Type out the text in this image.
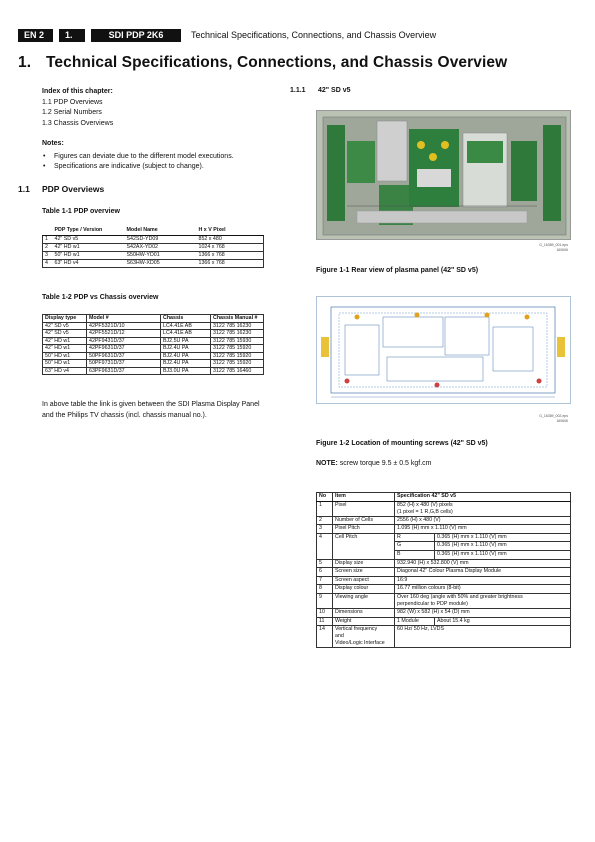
EN 2	1.	SDI PDP 2K6	Technical Specifications, Connections, and Chassis Overview
1. Technical Specifications, Connections, and Chassis Overview
Index of this chapter:
1.1 PDP Overviews
1.2 Serial Numbers
1.3 Chassis Overviews
Notes:
• Figures can deviate due to the different model executions.
• Specifications are indicative (subject to change).
1.1 PDP Overviews
Table 1-1 PDP overview
	PDP Type / Version	Model Name	H x V Pixel
1	42" SD v5	S42SD-YD09	852 x 480
2	42" HD w1	S42AX-YD02	1024 x 768
3	50" HD w1	S50HW-YD01	1366 x 768
4	63" HD v4	S63HW-XD05	1366 x 768
Table 1-2 PDP vs Chassis overview
Display type	Model #	Chassis	Chassis Manual #
42" SD v5	42PF5321D/10	LC4.41E AB	3122 785 16230
42" SD v5	42PF5521D/12	LC4.41E AB	3122 785 16230
42" HD w1	42PF9431D/37	BJ2.5U PA	3122 785 15930
42" HD w1	42PF9631D/37	BJ2.4U PA	3122 785 15920
50" HD w1	50PF9631D/37	BJ2.4U PA	3122 785 15920
50" HD w1	50PF9731D/37	BJ2.4U PA	3122 785 15920
63" HD v4	63PF9631D/37	BJ3.0U PA	3122 785 16460
In above table the link is given between the SDI Plasma Display Panel and the Philips TV chassis (incl. chassis manual no.).
1.1.1 42" SD v5
G_16389_001.eps
160606
Figure 1-1 Rear view of plasma panel (42" SD v5)
G_16389_002.eps
160606
Figure 1-2 Location of mounting screws (42" SD v5)
NOTE: screw torque 9.5 ± 0.5 kgf.cm
No	Item	Specification 42" SD v5	
1	Pixel	852 (H) x 480 (V) pixels
(1 pixel = 1 R,G,B cells)	

2	Number of Cells	2556 (H) x 480 (V)	
3	Pixel Pitch	1.095 (H) mm x 1.110 (V) mm	
4	Cell Pitch	R	0.365 (H) mm x 1.110 (V) mm
		G	0.365 (H) mm x 1.110 (V) mm
		B	0.365 (H) mm x 1.110 (V) mm
5	Display size	932.940 (H) x 532.800 (V) mm	
6	Screen size	Diagonal 42" Colour Plasma Display Module	
7	Screen aspect	16:9	
8	Display colour	16.77 million colours (8-bit)	
9	Viewing angle	Over 160 deg (angle with 50% and greater brightness
perpendicular to PDP module)	

10	Dimensions	982 (W) x 582 (H) x 54 (D) mm	
11	Weight	1 Module	About 15.4 kg
14	Vertical frequency
and
Video/Logic Interface	60 Hz/ 50 Hz, LVDS	
